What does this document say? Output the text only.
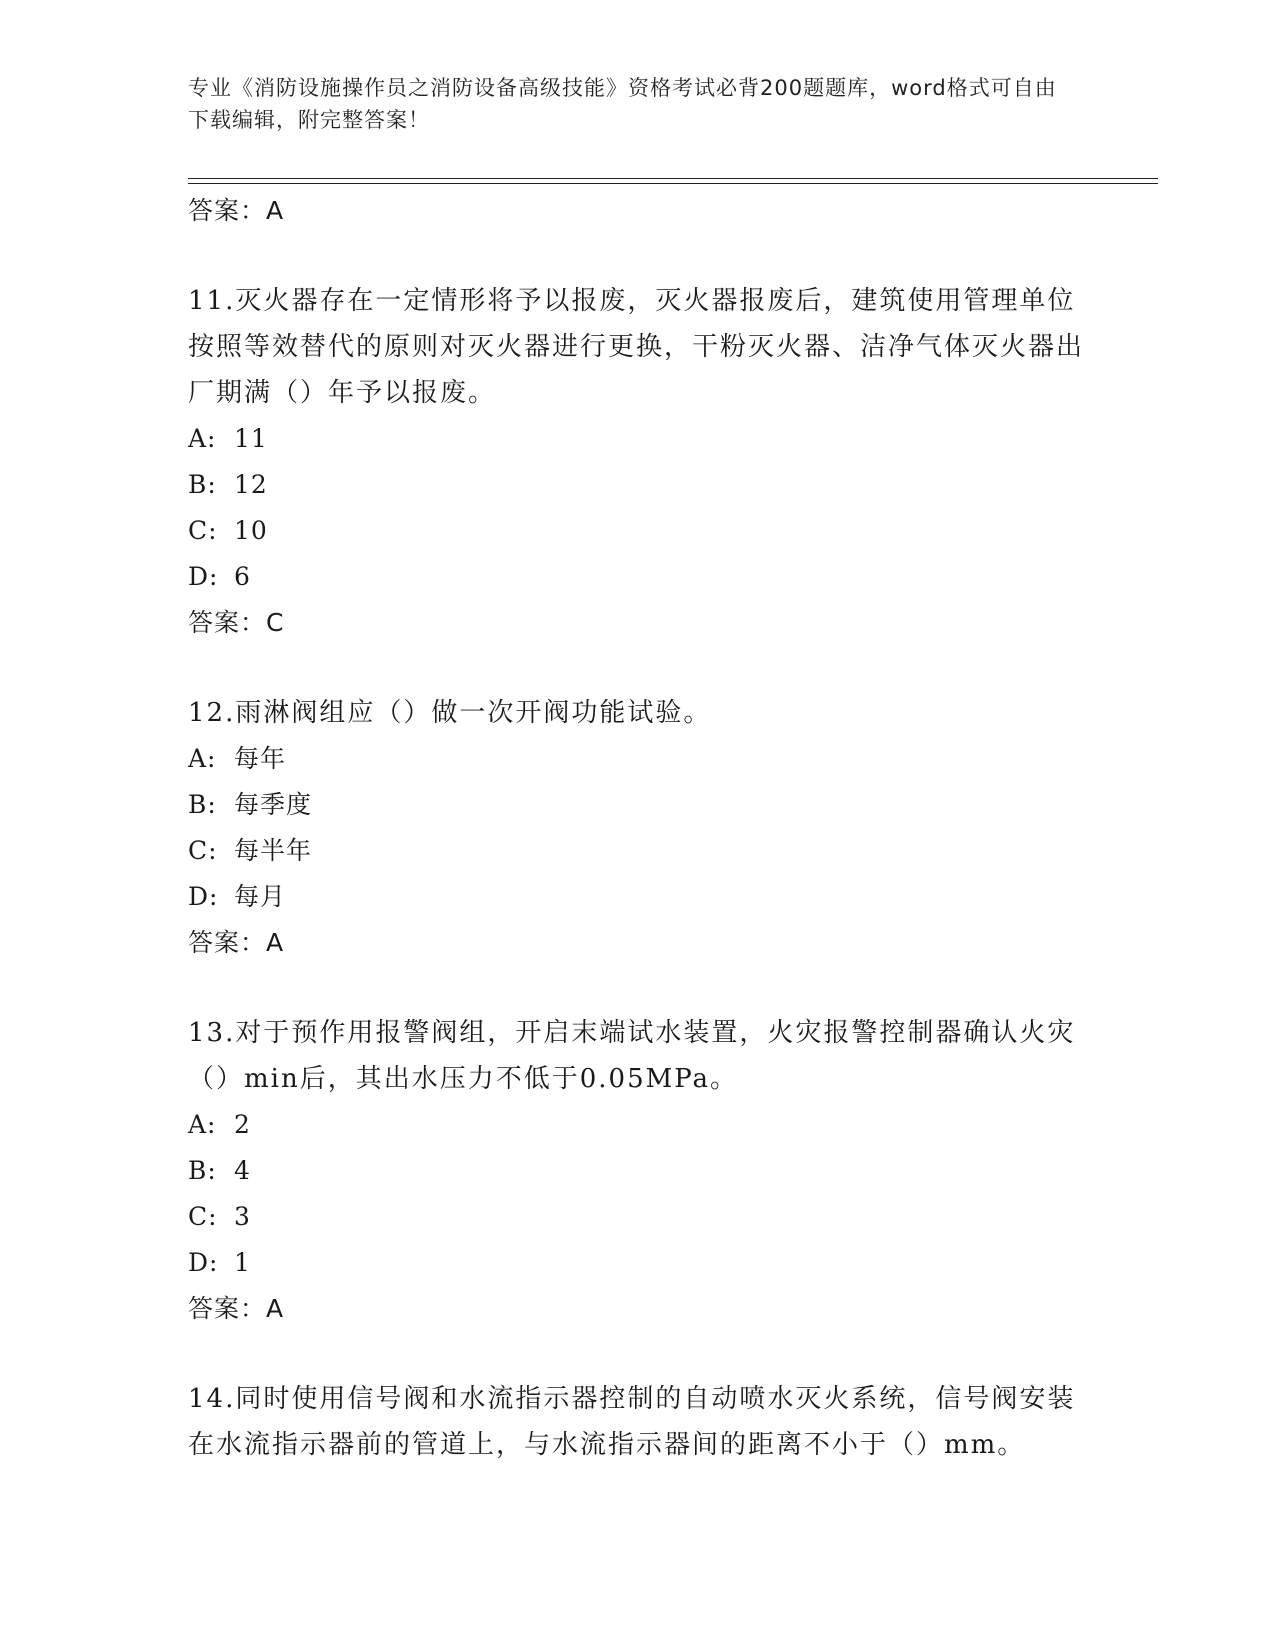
专业《消防设施操作员之消防设备高级技能》资格考试必背200题题库，word格式可自由下载编辑，附完整答案！
答案：A
11.灭火器存在一定情形将予以报废，灭火器报废后，建筑使用管理单位按照等效替代的原则对灭火器进行更换，干粉灭火器、洁净气体灭火器出厂期满（）年予以报废。
A: 11
B: 12
C: 10
D: 6
答案：C
12.雨淋阀组应（）做一次开阀功能试验。
A: 每年
B: 每季度
C: 每半年
D: 每月
答案：A
13.对于预作用报警阀组，开启末端试水装置，火灾报警控制器确认火灾（）min后，其出水压力不低于0.05MPa。
A: 2
B: 4
C: 3
D: 1
答案：A
14.同时使用信号阀和水流指示器控制的自动喷水灭火系统，信号阀安装在水流指示器前的管道上，与水流指示器间的距离不小于（）mm。
